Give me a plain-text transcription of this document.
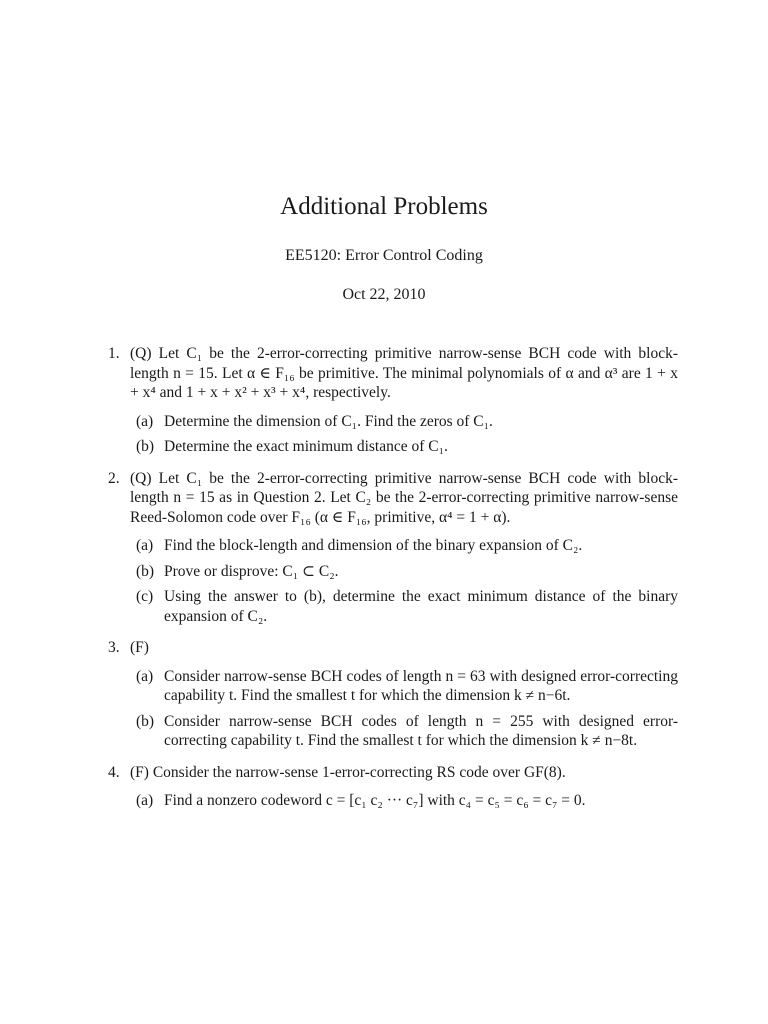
Additional Problems
EE5120: Error Control Coding
Oct 22, 2010
1. (Q) Let C₁ be the 2-error-correcting primitive narrow-sense BCH code with block-length n = 15. Let α ∈ F₁₆ be primitive. The minimal polynomials of α and α³ are 1 + x + x⁴ and 1 + x + x² + x³ + x⁴, respectively.
(a) Determine the dimension of C₁. Find the zeros of C₁.
(b) Determine the exact minimum distance of C₁.
2. (Q) Let C₁ be the 2-error-correcting primitive narrow-sense BCH code with block-length n = 15 as in Question 2. Let C₂ be the 2-error-correcting primitive narrow-sense Reed-Solomon code over F₁₆ (α ∈ F₁₆, primitive, α⁴ = 1 + α).
(a) Find the block-length and dimension of the binary expansion of C₂.
(b) Prove or disprove: C₁ ⊂ C₂.
(c) Using the answer to (b), determine the exact minimum distance of the binary expansion of C₂.
3. (F)
(a) Consider narrow-sense BCH codes of length n = 63 with designed error-correcting capability t. Find the smallest t for which the dimension k ≠ n−6t.
(b) Consider narrow-sense BCH codes of length n = 255 with designed error-correcting capability t. Find the smallest t for which the dimension k ≠ n−8t.
4. (F) Consider the narrow-sense 1-error-correcting RS code over GF(8).
(a) Find a nonzero codeword c = [c₁ c₂ ··· c₇] with c₄ = c₅ = c₆ = c₇ = 0.
